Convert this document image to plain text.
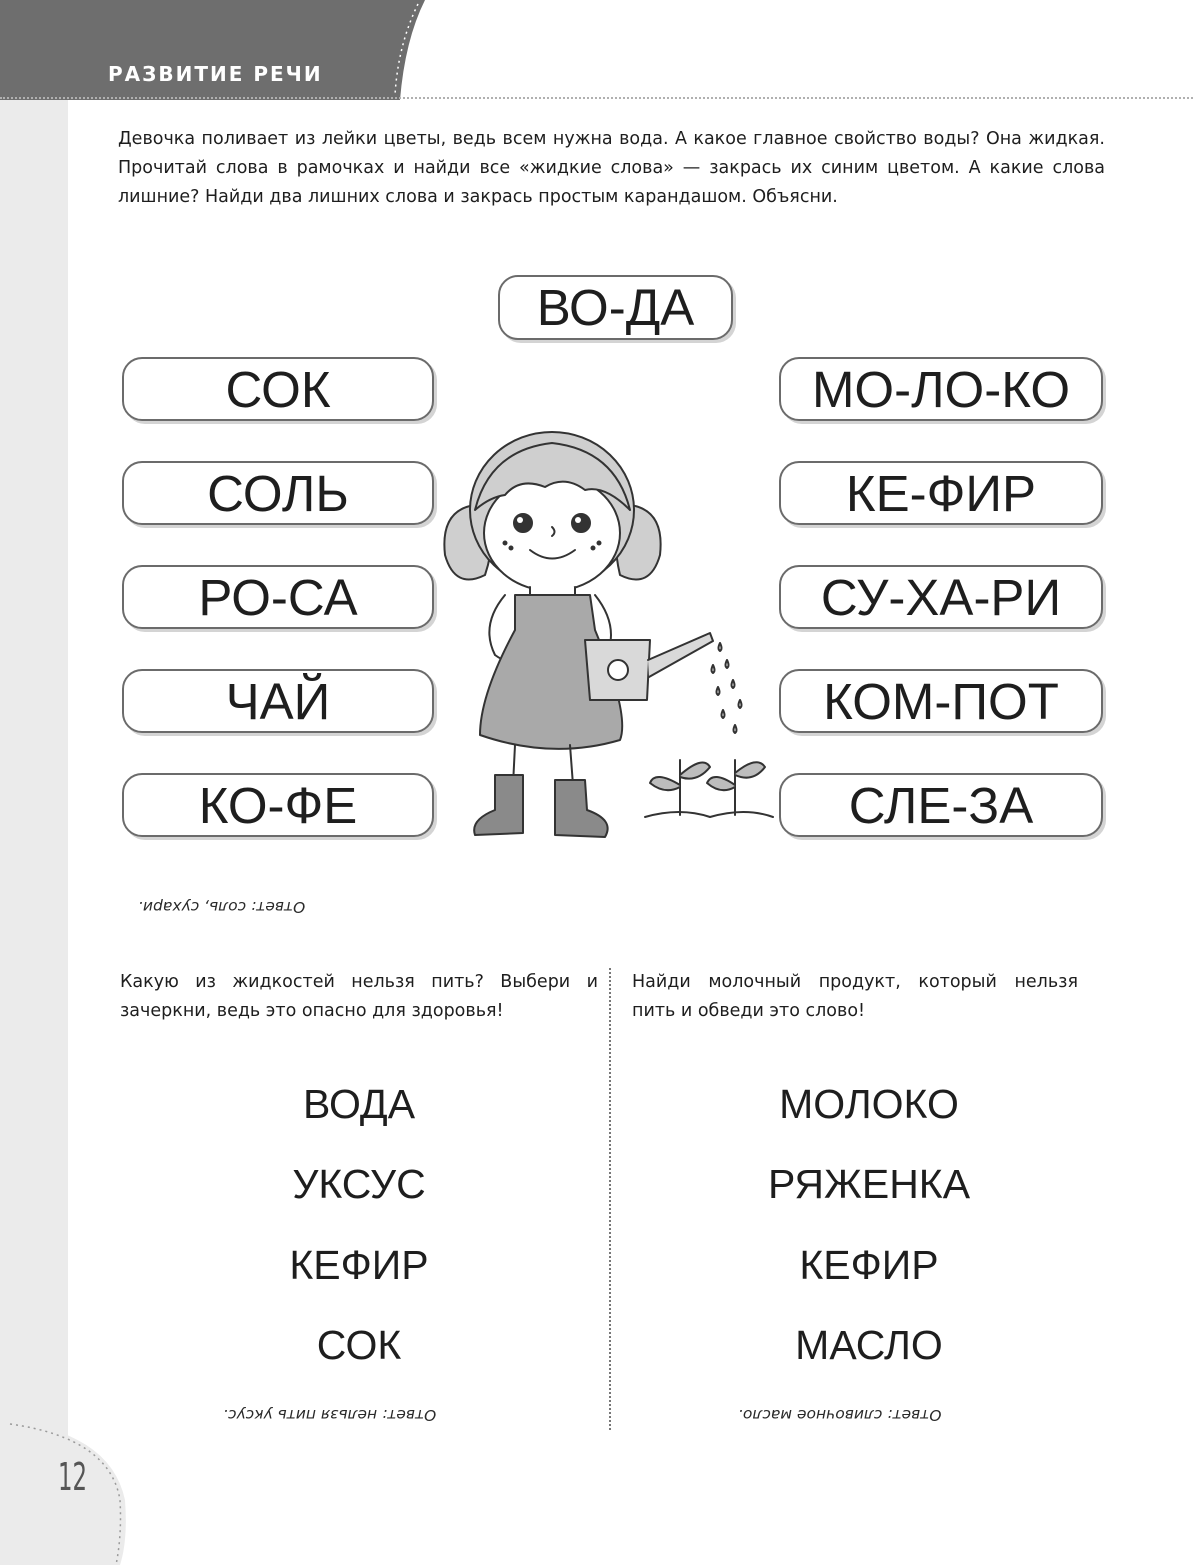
РАЗВИТИЕ РЕЧИ
Девочка поливает из лейки цветы, ведь всем нужна вода. А какое главное свойство воды? Она жидкая. Прочитай слова в рамочках и найди все «жидкие слова» — закрась их синим цветом. А какие слова лишние? Найди два лишних слова и закрась простым карандашом. Объясни.
ВО-ДА
СОК
СОЛЬ
РО-СА
ЧАЙ
КО-ФЕ
МО-ЛО-КО
КЕ-ФИР
СУ-ХА-РИ
КОМ-ПОТ
СЛЕ-ЗА
Ответ: соль, сухари.
Какую из жидкостей нельзя пить? Выбери и зачеркни, ведь это опасно для здоровья!
Найди молочный продукт, который нельзя пить и обведи это слово!
ВОДА
УКСУС
КЕФИР
СОК
МОЛОКО
РЯЖЕНКА
КЕФИР
МАСЛО
Ответ: нельзя пить уксус.	Ответ: сливочное масло.
12
